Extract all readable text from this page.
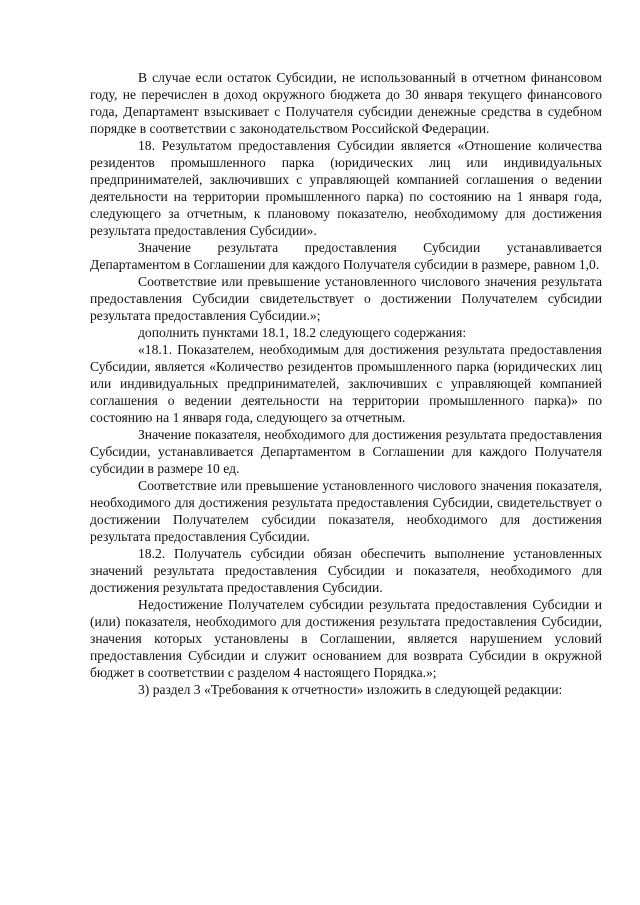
В случае если остаток Субсидии, не использованный в отчетном финансовом году, не перечислен в доход окружного бюджета до 30 января текущего финансового года, Департамент взыскивает с Получателя субсидии денежные средства в судебном порядке в соответствии с законодательством Российской Федерации.

18. Результатом предоставления Субсидии является «Отношение количества резидентов промышленного парка (юридических лиц или индивидуальных предпринимателей, заключивших с управляющей компанией соглашения о ведении деятельности на территории промышленного парка) по состоянию на 1 января года, следующего за отчетным, к плановому показателю, необходимому для достижения результата предоставления Субсидии».

Значение результата предоставления Субсидии устанавливается Департаментом в Соглашении для каждого Получателя субсидии в размере, равном 1,0.

Соответствие или превышение установленного числового значения результата предоставления Субсидии свидетельствует о достижении Получателем субсидии результата предоставления Субсидии.»;

дополнить пунктами 18.1, 18.2 следующего содержания:

«18.1. Показателем, необходимым для достижения результата предоставления Субсидии, является «Количество резидентов промышленного парка (юридических лиц или индивидуальных предпринимателей, заключивших с управляющей компанией соглашения о ведении деятельности на территории промышленного парка)» по состоянию на 1 января года, следующего за отчетным.

Значение показателя, необходимого для достижения результата предоставления Субсидии, устанавливается Департаментом в Соглашении для каждого Получателя субсидии в размере 10 ед.

Соответствие или превышение установленного числового значения показателя, необходимого для достижения результата предоставления Субсидии, свидетельствует о достижении Получателем субсидии показателя, необходимого для достижения результата предоставления Субсидии.

18.2. Получатель субсидии обязан обеспечить выполнение установленных значений результата предоставления Субсидии и показателя, необходимого для достижения результата предоставления Субсидии.

Недостижение Получателем субсидии результата предоставления Субсидии и (или) показателя, необходимого для достижения результата предоставления Субсидии, значения которых установлены в Соглашении, является нарушением условий предоставления Субсидии и служит основанием для возврата Субсидии в окружной бюджет в соответствии с разделом 4 настоящего Порядка.»;

3) раздел 3 «Требования к отчетности» изложить в следующей редакции:
